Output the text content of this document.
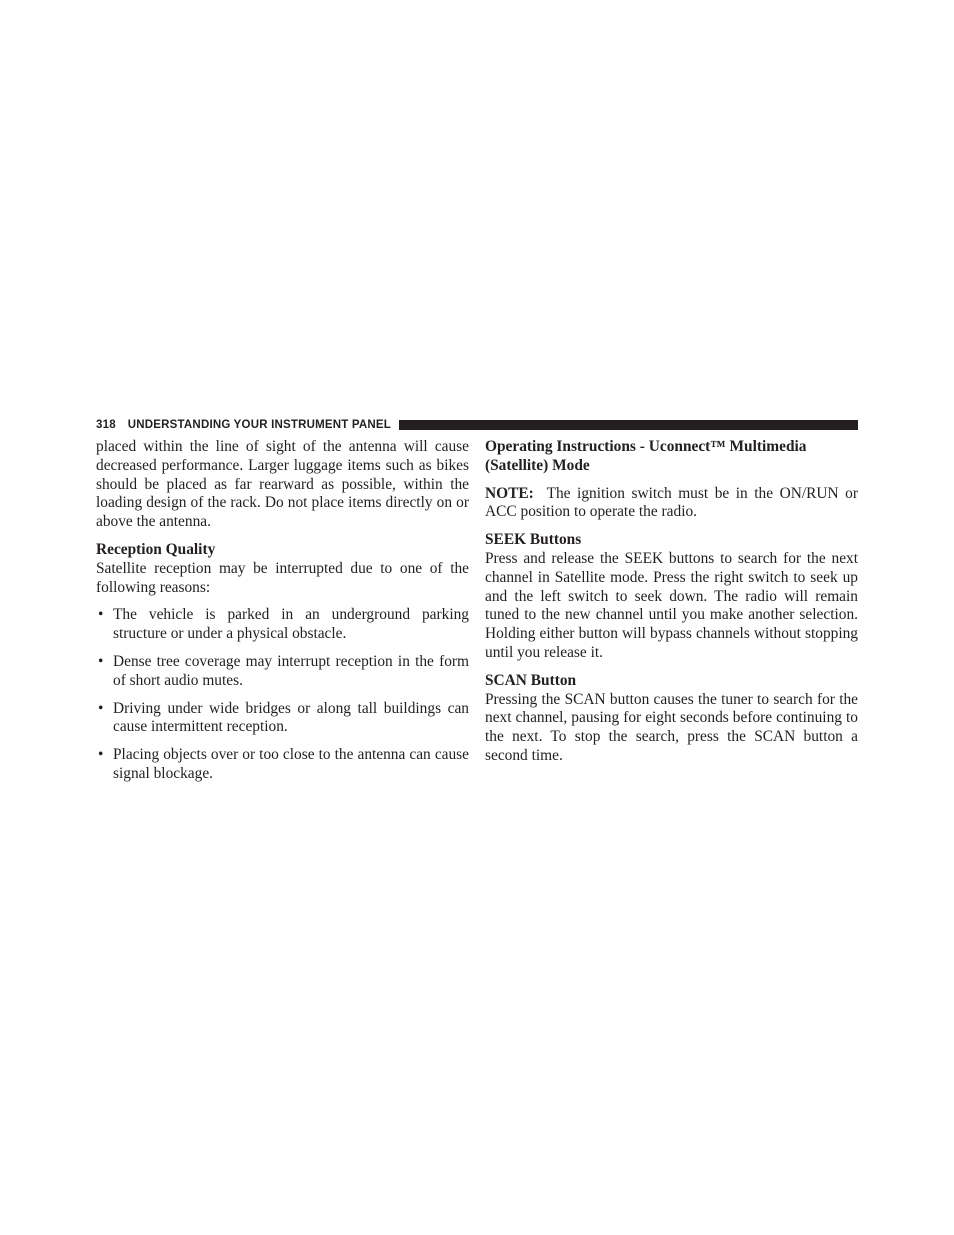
318 UNDERSTANDING YOUR INSTRUMENT PANEL

placed within the line of sight of the antenna will cause decreased performance. Larger luggage items such as bikes should be placed as far rearward as possible, within the loading design of the rack. Do not place items directly on or above the antenna.

Reception Quality

Satellite reception may be interrupted due to one of the following reasons:

• The vehicle is parked in an underground parking structure or under a physical obstacle.
• Dense tree coverage may interrupt reception in the form of short audio mutes.
• Driving under wide bridges or along tall buildings can cause intermittent reception.
• Placing objects over or too close to the antenna can cause signal blockage.
Operating Instructions - Uconnect™ Multimedia (Satellite) Mode

NOTE: The ignition switch must be in the ON/RUN or ACC position to operate the radio.

SEEK Buttons

Press and release the SEEK buttons to search for the next channel in Satellite mode. Press the right switch to seek up and the left switch to seek down. The radio will remain tuned to the new channel until you make another selection. Holding either button will bypass channels without stopping until you release it.

SCAN Button

Pressing the SCAN button causes the tuner to search for the next channel, pausing for eight seconds before continuing to the next. To stop the search, press the SCAN button a second time.
